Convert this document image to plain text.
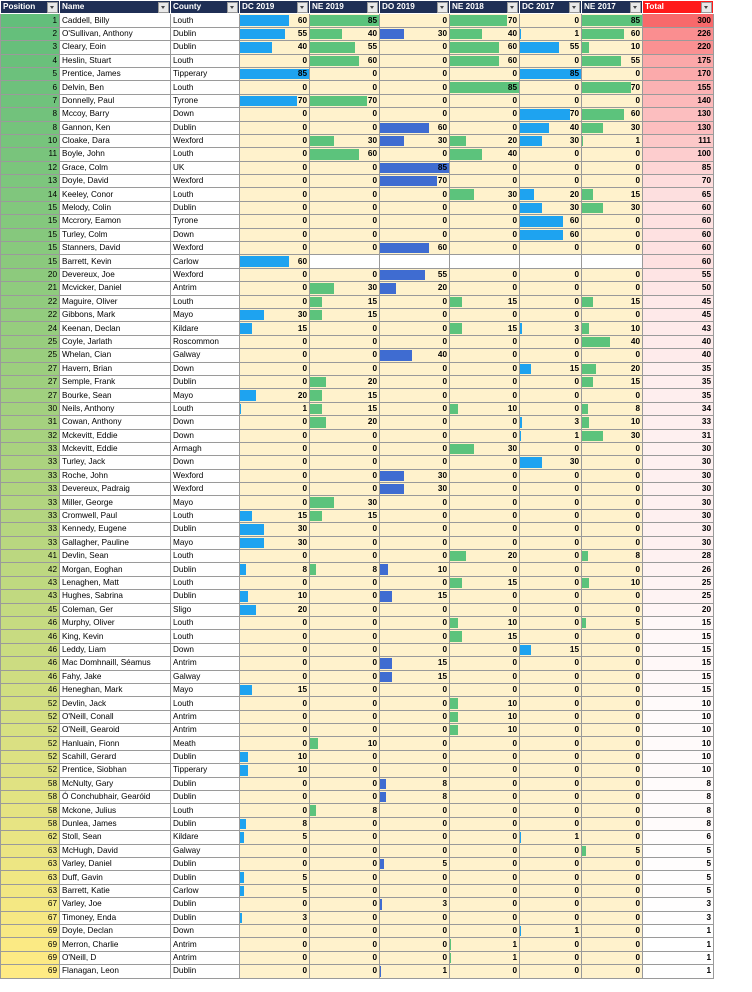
Position	Name	County	DC 2019	NE 2019	DO 2019	NE 2018	DC 2017	NE 2017	Total

1	Caddell, Billy	Louth	60	85	0	70	0	85	300
2	O'Sullivan, Anthony	Dublin	55	40	30	40	1	60	226
3	Cleary, Eoin	Dublin	40	55	0	60	55	10	220
4	Heslin, Stuart	Louth	0	60	0	60	0	55	175
5	Prentice, James	Tipperary	85	0	0	0	85	0	170
6	Delvin, Ben	Louth	0	0	0	85	0	70	155
7	Donnelly, Paul	Tyrone	70	70	0	0	0	0	140
8	Mccoy, Barry	Down	0	0	0	0	70	60	130
8	Gannon, Ken	Dublin	0	0	60	0	40	30	130
10	Cloake, Dara	Wexford	0	30	30	20	30	1	111
11	Boyle, John	Louth	0	60	0	40	0	0	100
12	Grace, Colm	UK	0	0	85	0	0	0	85
13	Doyle, David	Wexford	0	0	70	0	0	0	70
14	Keeley, Conor	Louth	0	0	0	30	20	15	65
15	Melody, Colin	Dublin	0	0	0	0	30	30	60
15	Mccrory, Eamon	Tyrone	0	0	0	0	60	0	60
15	Turley, Colm	Down	0	0	0	0	60	0	60
15	Stanners, David	Wexford	0	0	60	0	0	0	60
15	Barrett, Kevin	Carlow	60						60
20	Devereux, Joe	Wexford	0	0	55	0	0	0	55
21	Mcvicker, Daniel	Antrim	0	30	20	0	0	0	50
22	Maguire, Oliver	Louth	0	15	0	15	0	15	45
22	Gibbons, Mark	Mayo	30	15	0	0	0	0	45
24	Keenan, Declan	Kildare	15	0	0	15	3	10	43
25	Coyle, Jarlath	Roscommon	0	0	0	0	0	40	40
25	Whelan, Cian	Galway	0	0	40	0	0	0	40
27	Havern, Brian	Down	0	0	0	0	15	20	35
27	Semple, Frank	Dublin	0	20	0	0	0	15	35
27	Bourke, Sean	Mayo	20	15	0	0	0	0	35
30	Neils, Anthony	Louth	1	15	0	10	0	8	34
31	Cowan, Anthony	Down	0	20	0	0	3	10	33
32	Mckevitt, Eddie	Down	0	0	0	0	1	30	31
33	Mckevitt, Eddie	Armagh	0	0	0	30	0	0	30
33	Turley, Jack	Down	0	0	0	0	30	0	30
33	Roche, John	Wexford	0	0	30	0	0	0	30
33	Devereux, Padraig	Wexford	0	0	30	0	0	0	30
33	Miller, George	Mayo	0	30	0	0	0	0	30
33	Cromwell, Paul	Louth	15	15	0	0	0	0	30
33	Kennedy, Eugene	Dublin	30	0	0	0	0	0	30
33	Gallagher, Pauline	Mayo	30	0	0	0	0	0	30
41	Devlin, Sean	Louth	0	0	0	20	0	8	28
42	Morgan, Eoghan	Dublin	8	8	10	0	0	0	26
43	Lenaghen, Matt	Louth	0	0	0	15	0	10	25
43	Hughes, Sabrina	Dublin	10	0	15	0	0	0	25
45	Coleman, Ger	Sligo	20	0	0	0	0	0	20
46	Murphy, Oliver	Louth	0	0	0	10	0	5	15
46	King, Kevin	Louth	0	0	0	15	0	0	15
46	Leddy, Liam	Down	0	0	0	0	15	0	15
46	Mac Domhnaill, Séamus	Antrim	0	0	15	0	0	0	15
46	Fahy, Jake	Galway	0	0	15	0	0	0	15
46	Heneghan, Mark	Mayo	15	0	0	0	0	0	15
52	Devlin, Jack	Louth	0	0	0	10	0	0	10
52	O'Neill, Conall	Antrim	0	0	0	10	0	0	10
52	O'Neill, Gearoid	Antrim	0	0	0	10	0	0	10
52	Hanluain, Fionn	Meath	0	10	0	0	0	0	10
52	Scahill, Gerard	Dublin	10	0	0	0	0	0	10
52	Prentice, Siobhan	Tipperary	10	0	0	0	0	0	10
58	McNulty, Gary	Dublin	0	0	8	0	0	0	8
58	Ó Conchubhair, Gearóid	Dublin	0	0	8	0	0	0	8
58	Mckone, Julius	Louth	0	8	0	0	0	0	8
58	Dunlea, James	Dublin	8	0	0	0	0	0	8
62	Stoll, Sean	Kildare	5	0	0	0	1	0	6
63	McHugh, David	Galway	0	0	0	0	0	5	5
63	Varley, Daniel	Dublin	0	0	5	0	0	0	5
63	Duff, Gavin	Dublin	5	0	0	0	0	0	5
63	Barrett, Katie	Carlow	5	0	0	0	0	0	5
67	Varley, Joe	Dublin	0	0	3	0	0	0	3
67	Timoney, Enda	Dublin	3	0	0	0	0	0	3
69	Doyle, Declan	Down	0	0	0	0	1	0	1
69	Merron, Charlie	Antrim	0	0	0	1	0	0	1
69	O'Neill, D	Antrim	0	0	0	1	0	0	1
69	Flanagan, Leon	Dublin	0	0	1	0	0	0	1
